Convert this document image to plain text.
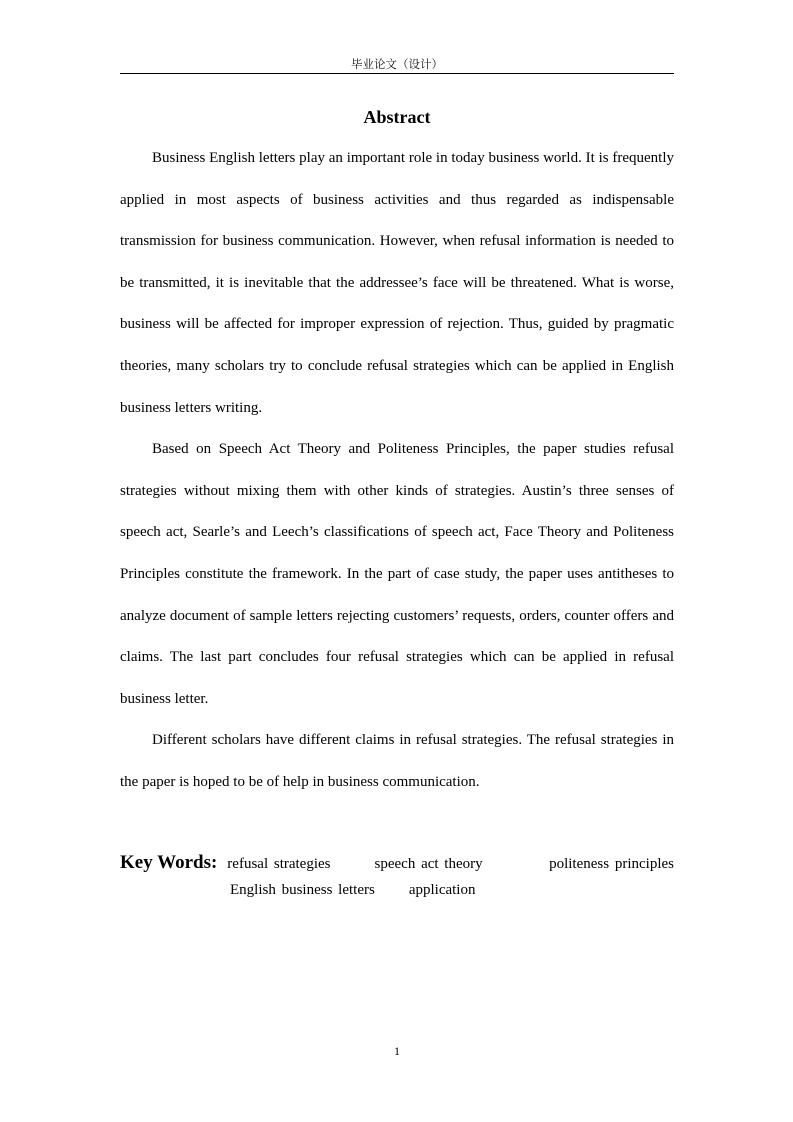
毕业论文（设计）
Abstract

Business English letters play an important role in today business world. It is frequently applied in most aspects of business activities and thus regarded as indispensable transmission for business communication. However, when refusal information is needed to be transmitted, it is inevitable that the addressee’s face will be threatened. What is worse, business will be affected for improper expression of rejection. Thus, guided by pragmatic theories, many scholars try to conclude refusal strategies which can be applied in English business letters writing.

Based on Speech Act Theory and Politeness Principles, the paper studies refusal strategies without mixing them with other kinds of strategies. Austin’s three senses of speech act, Searle’s and Leech’s classifications of speech act, Face Theory and Politeness Principles constitute the framework. In the part of case study, the paper uses antitheses to analyze document of sample letters rejecting customers’ requests, orders, counter offers and claims. The last part concludes four refusal strategies which can be applied in refusal business letter.

Different scholars have different claims in refusal strategies. The refusal strategies in the paper is hoped to be of help in business communication.

Key Words: refusal strategies	speech act theory	politeness principles
English business letters application
1
